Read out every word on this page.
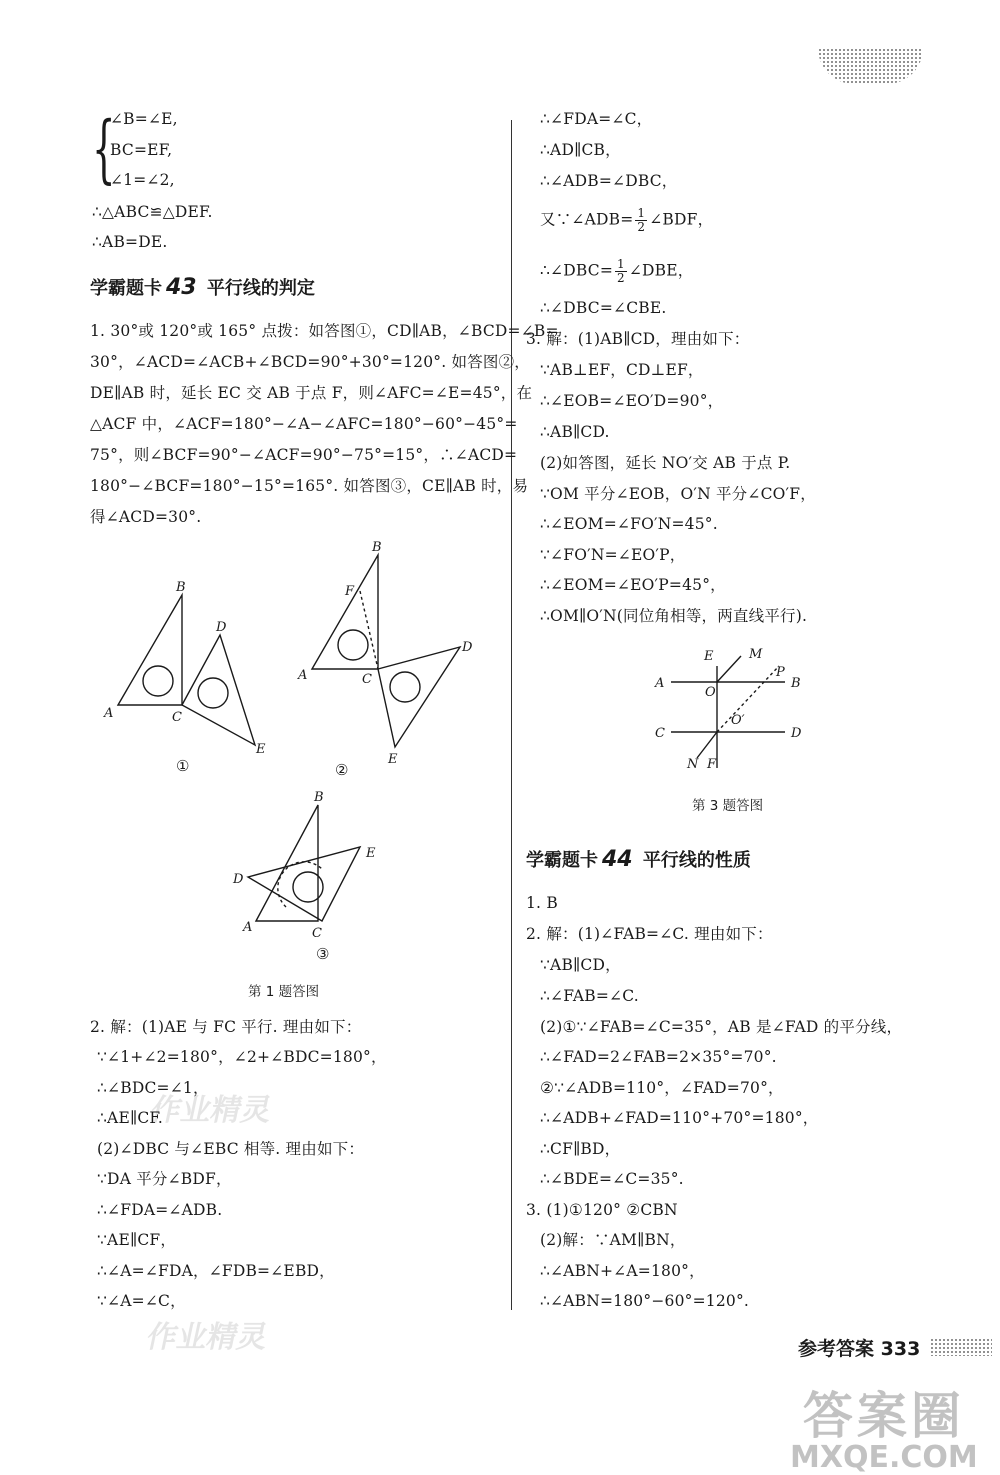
{
∠B=∠E,
BC=EF,
∠1=∠2,
∴△ABC≌△DEF.
∴AB=DE.
学霸题卡 43 平行线的判定
1. 30°或 120°或 165° 点拨：如答图①，CD∥AB，∠BCD=∠B=
30°，∠ACD=∠ACB+∠BCD=90°+30°=120°. 如答图②，
DE∥AB 时，延长 EC 交 AB 于点 F，则∠AFC=∠E=45°，在
△ACF 中，∠ACF=180°−∠A−∠AFC=180°−60°−45°=
75°，则∠BCF=90°−∠ACF=90°−75°=15°，∴∠ACD=
180°−∠BCF=180°−15°=165°. 如答图③，CE∥AB 时，易
得∠ACD=30°.
B
D
A	C
E
①
B
F
D
A	C
E
②
B
E
D
A	C
③
第 1 题答图
2. 解：(1)AE 与 FC 平行. 理由如下：
∵∠1+∠2=180°，∠2+∠BDC=180°，
∴∠BDC=∠1，
∴AE∥CF.
(2)∠DBC 与∠EBC 相等. 理由如下：
∵DA 平分∠BDF，
∴∠FDA=∠ADB.
∵AE∥CF，
∴∠A=∠FDA，∠FDB=∠EBD，
∵∠A=∠C，
作业精灵
作业精灵
∴∠FDA=∠C，
∴AD∥CB，
∴∠ADB=∠DBC，
又∵∠ADB= $\frac{1}{2}$ ∠BDF，
∴∠DBC= $\frac{1}{2}$ ∠DBE，
∴∠DBC=∠CBE.
3. 解：(1)AB∥CD，理由如下：
∵AB⊥EF，CD⊥EF，
∴∠EOB=∠EO′D=90°，
∴AB∥CD.
(2)如答图，延长 NO′交 AB 于点 P.
∵OM 平分∠EOB，O′N 平分∠CO′F，
∴∠EOM=∠FO′N=45°.
∵∠FO′N=∠EO′P，
∴∠EOM=∠EO′P=45°，
∴OM∥O′N(同位角相等，两直线平行).
E	M
P
A
O
B
O′
C	D
N F
第 3 题答图
学霸题卡 44 平行线的性质
1. B
2. 解：(1)∠FAB=∠C. 理由如下：
∵AB∥CD，
∴∠FAB=∠C.
(2)①∵∠FAB=∠C=35°，AB 是∠FAD 的平分线，
∴∠FAD=2∠FAB=2×35°=70°.
②∵∠ADB=110°，∠FAD=70°，
∴∠ADB+∠FAD=110°+70°=180°，
∴CF∥BD，
∴∠BDE=∠C=35°.
3. (1)①120° ②CBN
(2)解：∵AM∥BN，
∴∠ABN+∠A=180°，
∴∠ABN=180°−60°=120°.
参考答案 333
答案圈
MXQE.COM
